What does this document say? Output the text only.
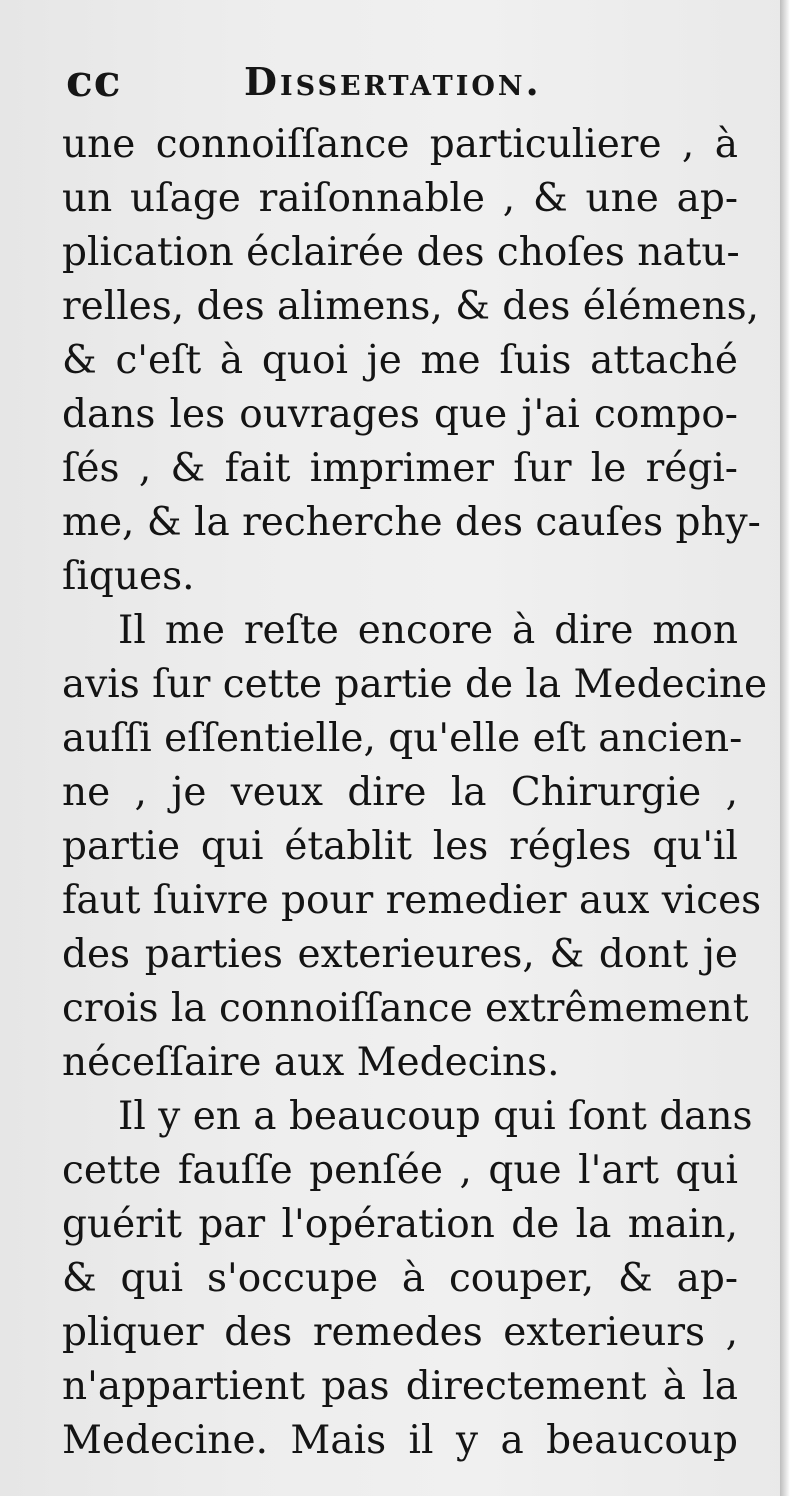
cc	Dissertation.
une connoiſſance particuliere , à
un uſage raiſonnable , & une ap-
plication éclairée des choſes natu-
relles, des alimens, & des élémens,
& c'eſt à quoi je me ſuis attaché
dans les ouvrages que j'ai compo-
ſés , & fait imprimer ſur le régi-
me, & la recherche des cauſes phy-
ſiques.
Il me reſte encore à dire mon
avis ſur cette partie de la Medecine
auſſi eſſentielle, qu'elle eſt ancien-
ne , je veux dire la Chirurgie ,
partie qui établit les régles qu'il
faut ſuivre pour remedier aux vices
des parties exterieures, & dont je
crois la connoiſſance extrêmement
néceſſaire aux Medecins.
Il y en a beaucoup qui ſont dans
cette fauſſe penſée , que l'art qui
guérit par l'opération de la main,
& qui s'occupe à couper, & ap-
pliquer des remedes exterieurs ,
n'appartient pas directement à la
Medecine. Mais il y a beaucoup
